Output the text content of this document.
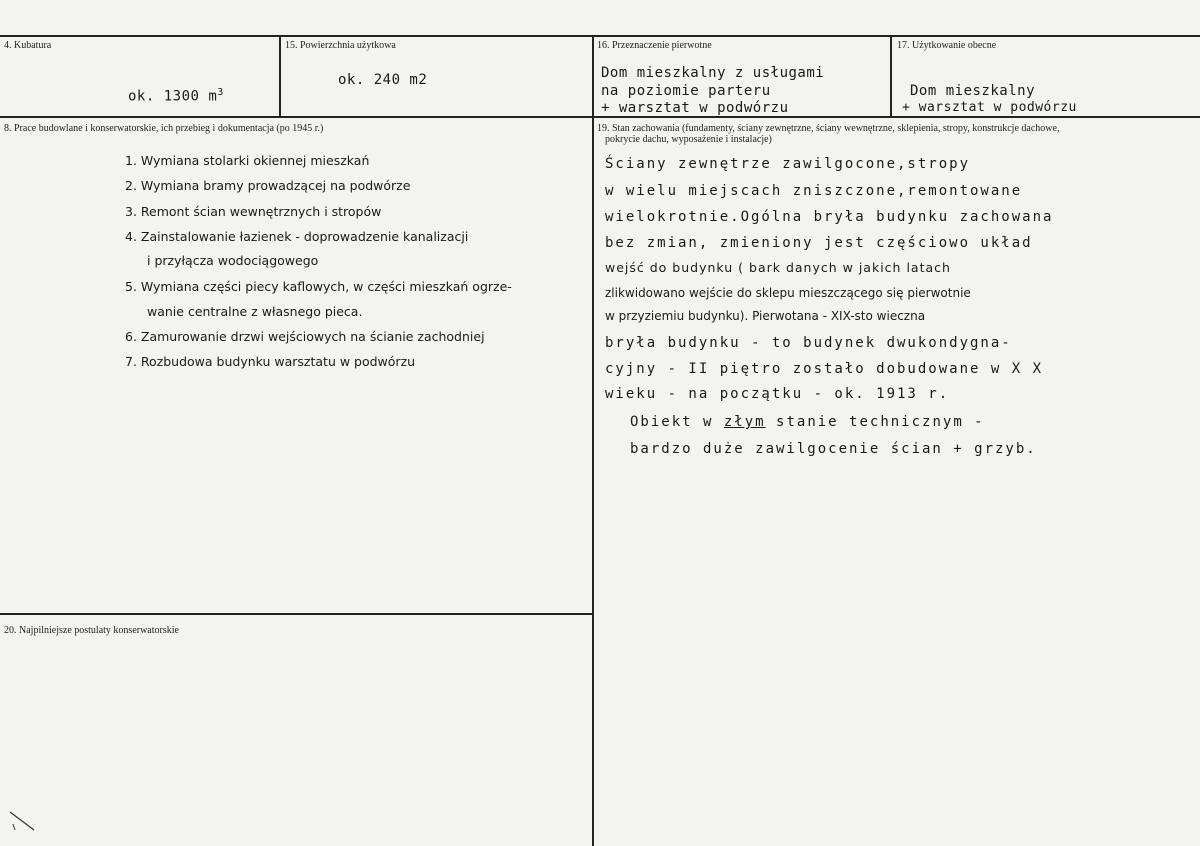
4. Kubatura
ok. 1300 $m^3$
15. Powierzchnia użytkowa
ok. 240 m2
16. Przeznaczenie pierwotne
Dom mieszkalny z usługami
na poziomie parteru
+ warsztat w podwórzu
17. Użytkowanie obecne
Dom mieszkalny
+ warsztat w podwórzu
8. Prace budowlane i konserwatorskie, ich przebieg i dokumentacja (po 1945 r.)
1. Wymiana stolarki okiennej mieszkań
2. Wymiana bramy prowadzącej na podwórze
3. Remont ścian wewnętrznych i stropów
4. Zainstalowanie łazienek - doprowadzenie kanalizacji
i przyłącza wodociągowego
5. Wymiana części piecy kaflowych, w części mieszkań ogrze-
wanie centralne z własnego pieca.
6. Zamurowanie drzwi wejściowych na ścianie zachodniej
7. Rozbudowa budynku warsztatu w podwórzu
19. Stan zachowania (fundamenty, ściany zewnętrzne, ściany wewnętrzne, sklepienia, stropy, konstrukcje dachowe,
pokrycie dachu, wyposażenie i instalacje)
Ściany zewnętrze zawilgocone,stropy
w wielu miejscach zniszczone,remontowane
wielokrotnie.Ogólna bryła budynku zachowana
bez zmian, zmieniony jest częściowo układ
wejść do budynku ( bark danych w jakich latach
zlikwidowano wejście do sklepu mieszczącego się pierwotnie
w przyziemiu budynku). Pierwotana - XIX-sto wieczna
bryła budynku - to budynek dwukondygna-
cyjny - II piętro zostało dobudowane w X X
wieku - na początku - ok. 1913 r.
Obiekt w złym stanie technicznym -
bardzo duże zawilgocenie ścian + grzyb.
20. Najpilniejsze postulaty konserwatorskie
